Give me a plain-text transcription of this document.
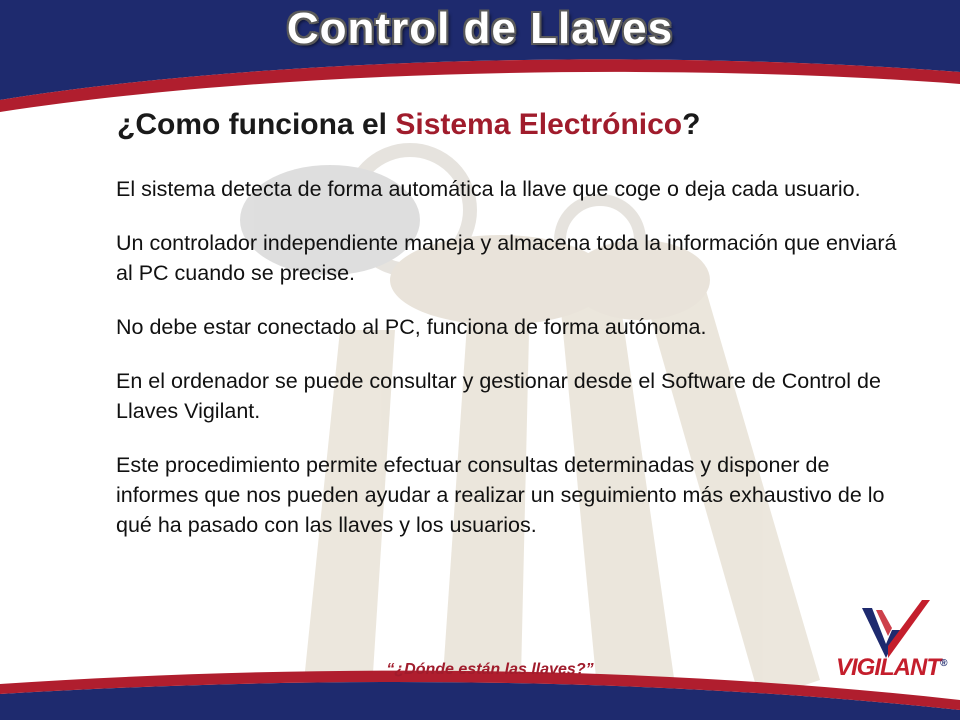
Control de Llaves
¿Como funciona el Sistema Electrónico?

El sistema detecta de forma automática la llave que coge o deja cada usuario.

Un controlador independiente maneja y almacena toda la información que enviará al PC cuando se precise.

No debe estar conectado al PC, funciona de forma autónoma.

En el ordenador se puede consultar y gestionar desde el Software de Control de Llaves Vigilant.

Este procedimiento permite efectuar consultas determinadas y disponer de informes que nos pueden ayudar a realizar un seguimiento más exhaustivo de lo qué ha pasado con las llaves y los usuarios.

“¿Dónde están las llaves?”	VIGILANT®
